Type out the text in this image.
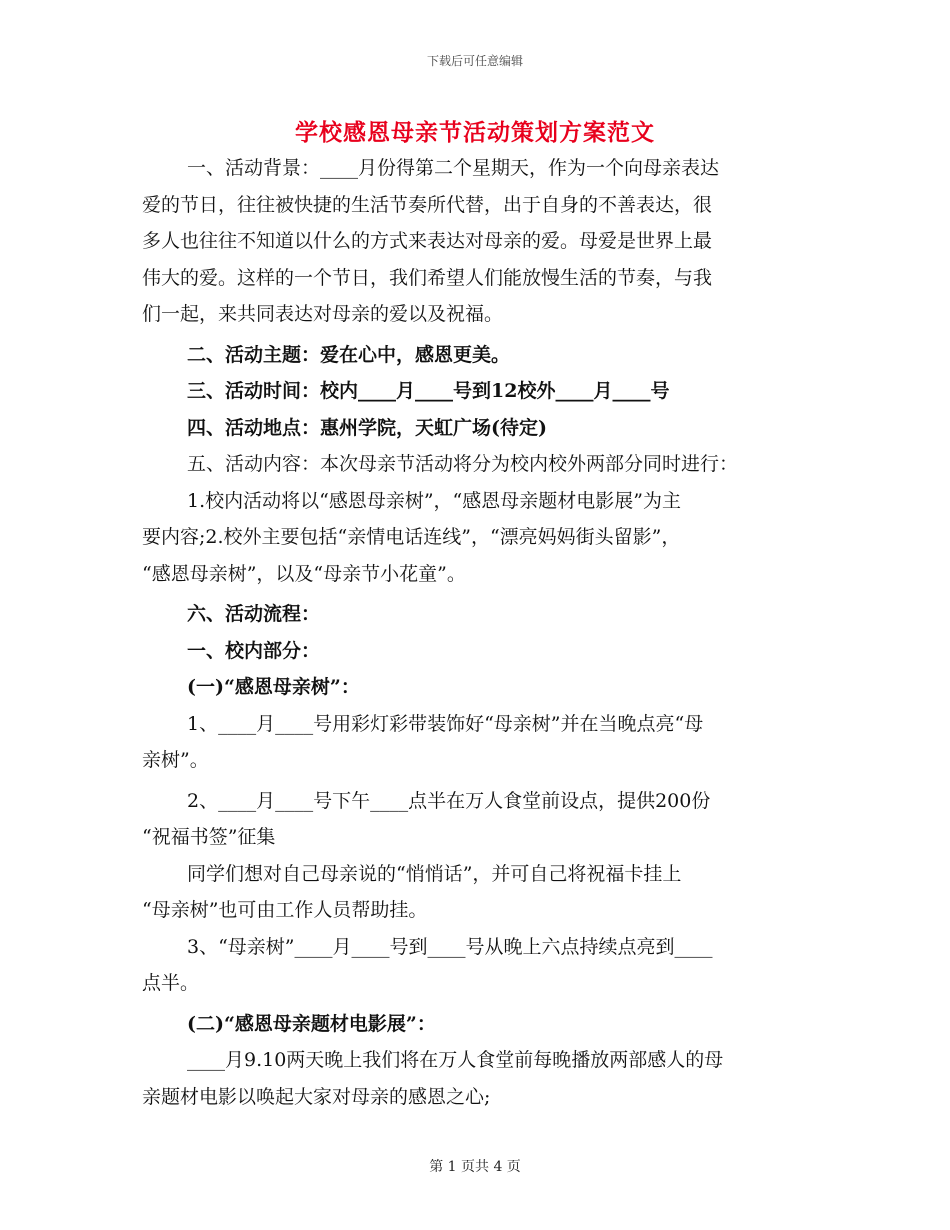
下载后可任意编辑
学校感恩母亲节活动策划方案范文

一、活动背景：____月份得第二个星期天，作为一个向母亲表达

爱的节日，往往被快捷的生活节奏所代替，出于自身的不善表达，很

多人也往往不知道以什么的方式来表达对母亲的爱。母爱是世界上最

伟大的爱。这样的一个节日，我们希望人们能放慢生活的节奏，与我

们一起，来共同表达对母亲的爱以及祝福。

二、活动主题：爱在心中，感恩更美。

三、活动时间：校内____月____号到12校外____月____号

四、活动地点：惠州学院，天虹广场(待定)

五、活动内容：本次母亲节活动将分为校内校外两部分同时进行：

1.校内活动将以“感恩母亲树”，“感恩母亲题材电影展”为主

要内容;2.校外主要包括“亲情电话连线”，“漂亮妈妈街头留影”，

“感恩母亲树”，以及“母亲节小花童”。

六、活动流程：

一、校内部分：

(一)“感恩母亲树”：

1、____月____号用彩灯彩带装饰好“母亲树”并在当晚点亮“母

亲树”。

2、____月____号下午____点半在万人食堂前设点，提供200份

“祝福书签”征集

同学们想对自己母亲说的“悄悄话”，并可自己将祝福卡挂上

“母亲树”也可由工作人员帮助挂。

3、“母亲树”____月____号到____号从晚上六点持续点亮到____

点半。

(二)“感恩母亲题材电影展”：

____月9.10两天晚上我们将在万人食堂前每晚播放两部感人的母

亲题材电影以唤起大家对母亲的感恩之心;

第 1 页共 4 页
